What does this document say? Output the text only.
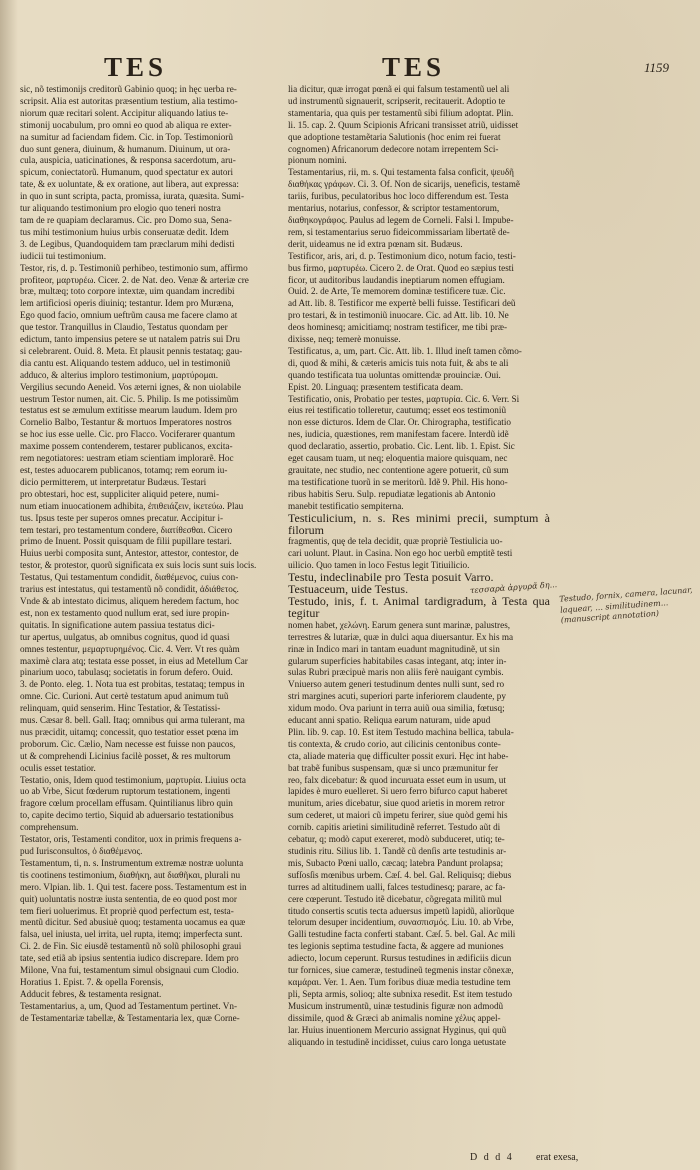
TES	TES	1159

sic, nõ testimonijs creditorũ Gabinio quoq; in hęc uerba re-

scripsit. Alia est autoritas prӕsentium testium, alia testimo-

niorum quӕ recitari solent. Accipitur aliquando latius te-

stimonij uocabulum, pro omni eo quod ab aliqua re exter-

na sumitur ad faciendam fidem. Cic. in Top. Testimoniorũ

duo sunt genera, diuinum, & humanum. Diuinum, ut ora-

cula, auspicia, uaticinationes, & responsa sacerdotum, aru-

spicum, coniectatorũ. Humanum, quod spectatur ex autori

tate, & ex uoluntate, & ex oratione, aut libera, aut expressa:

in quo in sunt scripta, pacta, promissa, iurata, quӕsita. Sumi-

tur aliquando testimonium pro elogio quo teneri nostra

tam de re quapiam declaramus. Cic. pro Domo sua, Sena-

tus mihi testimonium huius urbis conseruatӕ dedit. Idem

3. de Legibus, Quandoquidem tam prӕclarum mihi dedisti

iudicii tui testimonium.

Testor, ris, d. p. Testimoniũ perhibeo, testimonio sum, affirmo

profiteor, μαρτυρέω. Cicer. 2. de Nat. deo. Venӕ & arteriӕ cre

brӕ, multӕq; toto corpore intextӕ, uim quandam incredibi

lem artificiosi operis diuiniq; testantur. Idem pro Murӕna,

Ego quod facio, omnium ueftrũm causa me facere clamo at

que testor. Tranquillus in Claudio, Testatus quondam per

edictum, tanto impensius petere se ut natalem patris sui Dru

si celebrarent. Ouid. 8. Meta. Et plausit pennis testataq; gau-

dia cantu est. Aliquando testem adduco, uel in testimoniũ

adduco, & alterius imploro testimonium, μαρτύρομαι.

Vergilius secundo Aeneid. Vos ӕterni ignes, & non uiolabile

uestrum Testor numen, ait. Cic. 5. Philip. Is me potissimũm

testatus est se ӕmulum extitisse mearum laudum. Idem pro

Cornelio Balbo, Testantur & mortuos Imperatores nostros

se hoc ius esse uelle. Cic. pro Flacco. Vociferarer quantum

maxime possem contenderem, testarer publicanos, excita-

rem negotiatores: uestram etiam scientiam implorarẽ. Hoc

est, testes aduocarem publicanos, totamq; rem eorum iu-

dicio permitterem, ut interpretatur Budӕus. Testari

pro obtestari, hoc est, suppliciter aliquid petere, numi-

num etiam inuocationem adhibita, ἐπιθειάζειν, ἱκετεύω. Plau

tus. Ipsus teste per superos omnes precatur. Accipitur i-

tem testari, pro testamentum condere, διατίθεσθαι. Cicero

primo de Inuent. Possit quisquam de filii pupillare testari.

Huius uerbi composita sunt, Antestor, attestor, contestor, de

testor, & protestor, quorũ significata ex suis locis sunt suis locis.

Testatus, Qui testamentum condidit, διαθέμενος, cuius con-

trarius est intestatus, qui testamentũ nõ condidit, ἀδιάθετος.

Vnde & ab intestato dicimus, aliquem heredem factum, hoc

est, non ex testamento quod nullum erat, sed iure propin-

quitatis. In significatione autem passiua testatus dici-

tur apertus, uulgatus, ab omnibus cognitus, quod id quasi

omnes testentur, μεμαρτυρημένος. Cic. 4. Verr. Vt res quàm

maximè clara atq; testata esse posset, in eius ad Metellum Car

pinarium uoco, tabulasq; societatis in forum defero. Ouid.

3. de Ponto. eleg. 1. Nota tua est probitas, testataq; tempus in

omne. Cic. Curioni. Aut certè testatum apud animum tuũ

relinquam, quid senserim. Hinc Testatior, & Testatissi-

mus. Cӕsar 8. bell. Gall. Itaq; omnibus qui arma tulerant, ma

nus prӕcidit, uitamq; concessit, quo testatior esset pœna im

proborum. Cic. Cӕlio, Nam necesse est fuisse non paucos,

ut & comprehendi Licinius facilè posset, & res multorum

oculis esset testatior.

Testatio, onis, Idem quod testimonium, μαρτυρία. Liuius octa

uo ab Vrbe, Sicut fœderum ruptorum testationem, ingenti

fragore cœlum procellam effusam. Quintilianus libro quin

to, capite decimo tertio, Siquid ab aduersario testationibus

comprehensum.

Testator, oris, Testamenti conditor, uox in primis frequens a-

pud Iurisconsultos, ὁ διαθέμενος.

Testamentum, ti, n. s. Instrumentum extremӕ nostrӕ uolunta

tis cootinens testimonium, διαθήκη, aut διαθῆκαι, plurali nu

mero. Vlpian. lib. 1. Qui test. facere poss. Testamentum est in

quit) uoluntatis nostrӕ iusta sententia, de eo quod post mor

tem fieri uoluerimus. Et propriè quod perfectum est, testa-

mentũ dicitur. Sed abusiuè quoq; testamenta uocamus ea quӕ

falsa, uel iniusta, uel irrita, uel rupta, itemq; imperfecta sunt.

Ci. 2. de Fin. Sic eiusdẽ testamentũ nõ solũ philosophi graui

tate, sed etiã ab ipsius sententia iudico discrepare. Idem pro

Milone, Vna fui, testamentum simul obsignaui cum Clodio.

Horatius 1. Epist. 7. & opella Forensis,

Adducit febres, & testamenta resignat.

Testamentarius, a, um, Quod ad Testamentum pertinet. Vn-

de Testamentariӕ tabellӕ, & Testamentaria lex, quӕ Corne-

lia dicitur, quӕ irrogat pœnã ei qui falsum testamentũ uel ali

ud instrumentũ signauerit, scripserit, recitauerit. Adoptio te

stamentaria, qua quis per testamentũ sibi filium adoptat. Plin.

li. 15. cap. 2. Quum Scipionis Africani transisset atriũ, uidisset

que adoptione testamẽtaria Salutionis (hoc enim rei fuerat

cognomen) Africanorum dedecore notam irrepentem Sci-

pionum nomini.

Testamentarius, rii, m. s. Qui testamenta falsa conficit, ψευδῆ

διαθήκας γράφων. Ci. 3. Of. Non de sicarijs, ueneficis, testamẽ

tariis, furibus, peculatoribus hoc loco differendum est. Testa

mentarius, notarius, confessor, & scriptor testamentorum,

διαθηκογράφος. Paulus ad legem de Corneli. Falsi l. Impube-

rem, si testamentarius seruo fideicommissariam libertatẽ de-

derit, uideamus ne id extra pœnam sit. Budӕus.

Testificor, aris, ari, d. p. Testimonium dico, notum facio, testi-

bus firmo, μαρτυρέω. Cicero 2. de Orat. Quod eo sӕpius testi

ficor, ut auditoribus laudandis ineptiarum nomen effugiam.

Ouid. 2. de Arte, Te memorem dominӕ testificere tuӕ. Cic.

ad Att. lib. 8. Testificor me expertè belli fuisse. Testificari deũ

pro testari, & in testimoniũ inuocare. Cic. ad Att. lib. 10. Ne

deos hominesq; amicitiamq; nostram testificer, me tibi prӕ-

dixisse, neq; temerè monuisse.

Testificatus, a, um, part. Cic. Att. lib. 1. Illud ineſt tamen cõmo-

di, quod & mihi, & cӕteris amicis tuis nota fuit, & abs te ali

quando testificata tua uoluntas omittendӕ prouinciӕ. Oui.

Epist. 20. Linguaq; prӕsentem testificata deam.

Testificatio, onis, Probatio per testes, μαρτυρία. Cic. 6. Verr. Si

eius rei testificatio tolleretur, cautumq; esset eos testimoniũ

non esse dicturos. Idem de Clar. Or. Chirographa, testificatio

nes, iudicia, quӕstiones, rem manifestam facere. Interdũ idẽ

quod declaratio, assertio, probatio. Cic. Lent. lib. 1. Epist. Sic

eget causam tuam, ut neq; eloquentia maiore quisquam, nec

grauitate, nec studio, nec contentione agere potuerit, cũ sum

ma testificatione tuorũ in se meritorũ. Idẽ 9. Phil. His hono-

ribus habitis Seru. Sulp. repudiatӕ legationis ab Antonio

manebit testificatio sempiterna.

Testiculicium, n. s. Res minimi precii, sumptum à filorum

fragmentis, quę de tela decidit, quӕ propriè Testiulicia uo-

cari uolunt. Plaut. in Casina. Non ego hoc uerbũ emptitẽ testi

uilicio. Quo tamen in loco Festus legit Titiuilicio.

Testu, indeclinabile pro Testa posuit Varro.

Testuaceum, uide Testus.

Testudo, inis, f. t. Animal tardigradum, à Testa qua tegitur

nomen habet, χελώνη. Earum genera sunt marinӕ, palustres,

terrestres & lutariӕ, quӕ in dulci aqua diuersantur. Ex his ma

rinӕ in Indico mari in tantam euadunt magnitudinẽ, ut sin

gularum superficies habitabiles casas integant, atq; inter in-

sulas Rubri prӕcipuè maris non aliis ferè nauigant cymbis.

Vniuerso autem generi testudinum dentes nulli sunt, sed ro

stri margines acuti, superiori parte inferiorem claudente, py

xidum modo. Ova pariunt in terra auiũ oua similia, fœtusq;

educant anni spatio. Reliqua earum naturam, uide apud

Plin. lib. 9. cap. 10. Est item Testudo machina bellica, tabula-

tis contexta, & crudo corio, aut cilicinis centonibus conte-

cta, aliade materia quę difficulter possit exuri. Hęc int habe-

bat trabẽ funibus suspensam, quӕ si unco prӕmunitur fer

reo, falx dicebatur: & quod incuruata esset eum in usum, ut

lapides è muro euelleret. Si uero ferro bifurco caput haberet

munitum, aries dicebatur, siue quod arietis in morem retror

sum cederet, ut maiori cũ impetu ferirer, siue quòd gemi his

cornib. capitis arietini similitudinẽ referret. Testudo aũt di

cebatur, q; modò caput exereret, modò subduceret, utiq; te-

studinis ritu. Silius lib. 1. Tandẽ cũ denſis arte testudinis ar-

mis, Subacto Pœni uallo, cӕcaq; latebra Pandunt prolapsa;

sufſosſis mœnibus urbem. Cӕſ. 4. bel. Gal. Reliquisq; diebus

turres ad altitudinem ualli, falces testudinesq; parare, ac fa-

cere cœperunt. Testudo itẽ dicebatur, cõgregata militũ mul

titudo consertis scutis tecta aduersus impetũ lapidũ, aliorũque

telorum desuper incidentium, συνασπισμός. Liu. 10. ab Vrbe,

Galli testudine facta conferti stabant. Cӕſ. 5. bel. Gal. Ac mili

tes legionis septima testudine facta, & aggere ad muniones

adiecto, locum ceperunt. Rursus testudines in ӕdificiis dicun

tur fornices, siue camerӕ, testudineũ tegmenis instar cõnexӕ,

καμάραι. Ver. 1. Aen. Tum foribus diuӕ media testudine tem

pli, Septa armis, solioq; alte subnixa resedit. Est item testudo

Musicum instrumentũ, uinӕ testudinis figurӕ non admodũ

dissimile, quod & Grӕci ab animalis nomine χέλυς appel-

lar. Huius inuentionem Mercurio assignat Hyginus, qui quũ

aliquando in testudinẽ incidisset, cuius caro longa uetustate

τεσσαρὰ ἀργυρᾶ δη... Testudo, fornix, camera, lacunar, laquear, ... similitudinem... (manuscript annotation)
D d d 4 erat exesa,
